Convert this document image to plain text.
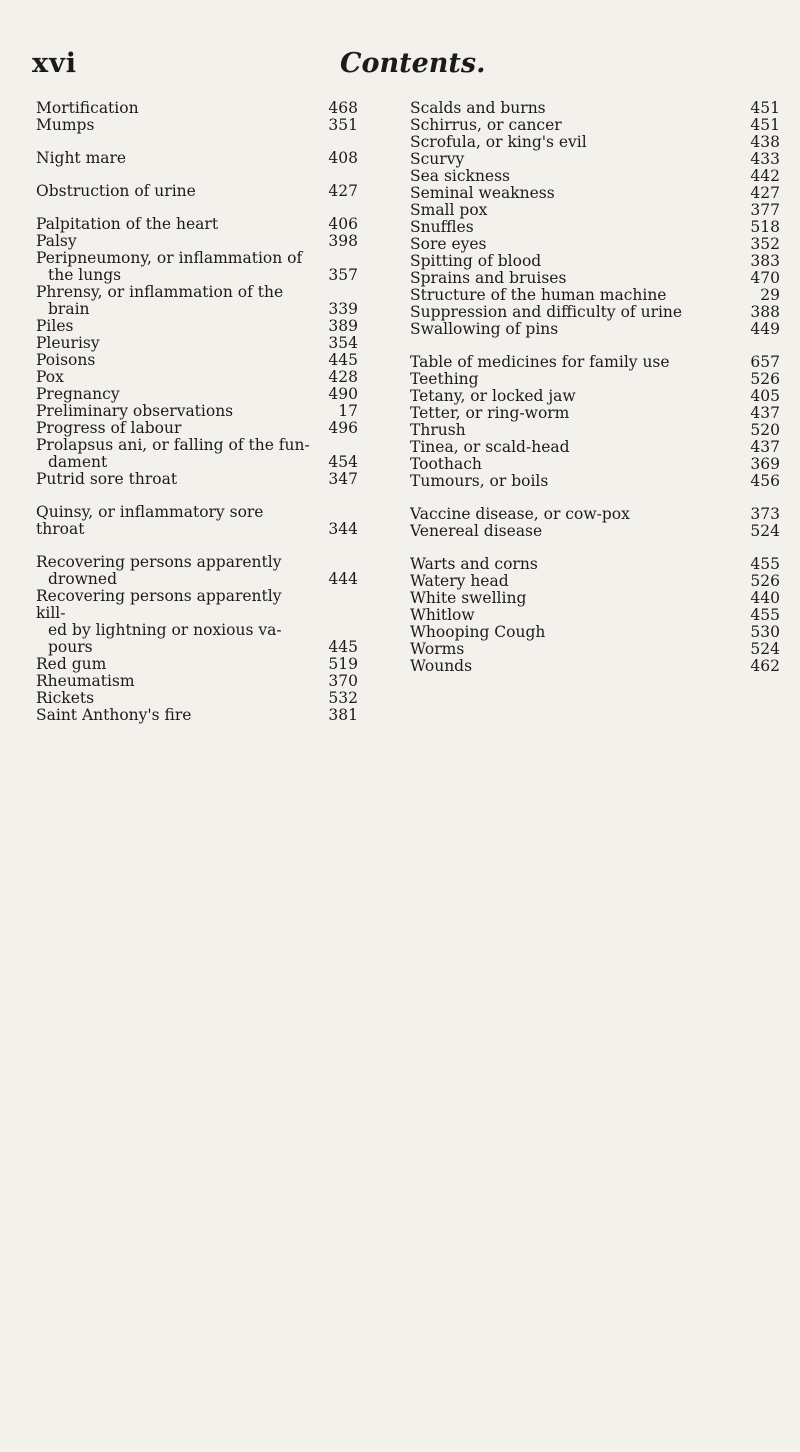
xvi	Contents.
Mortification	468
Mumps	351
Night mare	408
Obstruction of urine	427
Palpitation of the heart	406
Palsy	398
Peripneumony, or inflammation of
the lungs	357
Phrensy, or inflammation of the
brain	339
Piles	389
Pleurisy	354
Poisons	445
Pox	428
Pregnancy	490
Preliminary observations	17
Progress of labour	496
Prolapsus ani, or falling of the fun-
dament	454
Putrid sore throat	347
Quinsy, or inflammatory sore throat	344
Recovering persons apparently
drowned	444
Recovering persons apparently kill-
ed by lightning or noxious va-
pours	445
Red gum	519
Rheumatism	370
Rickets	532
Saint Anthony's fire	381
Scalds and burns	451
Schirrus, or cancer	451
Scrofula, or king's evil	438
Scurvy	433
Sea sickness	442
Seminal weakness	427
Small pox	377
Snuffles	518
Sore eyes	352
Spitting of blood	383
Sprains and bruises	470
Structure of the human machine	29
Suppression and difficulty of urine	388
Swallowing of pins	449
Table of medicines for family use	657
Teething	526
Tetany, or locked jaw	405
Tetter, or ring-worm	437
Thrush	520
Tinea, or scald-head	437
Toothach	369
Tumours, or boils	456
Vaccine disease, or cow-pox	373
Venereal disease	524
Warts and corns	455
Watery head	526
White swelling	440
Whitlow	455
Whooping Cough	530
Worms	524
Wounds	462
